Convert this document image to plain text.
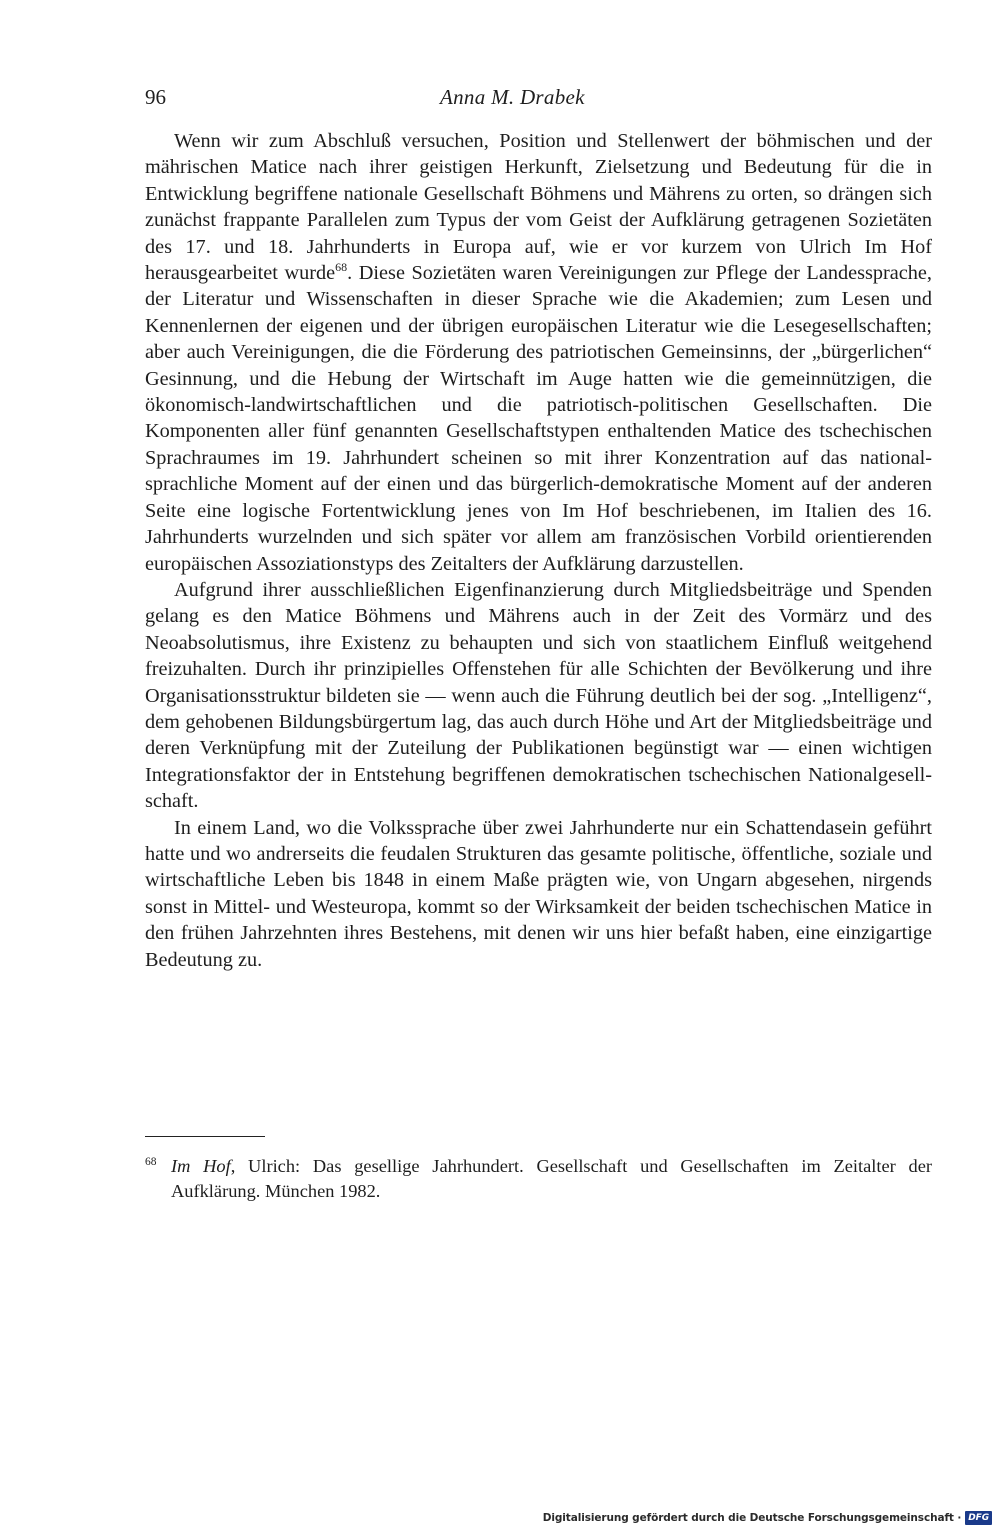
96	Anna M. Drabek

Wenn wir zum Abschluß versuchen, Position und Stellenwert der böhmischen und der mährischen Matice nach ihrer geistigen Herkunft, Zielsetzung und Bedeutung für die in Entwicklung begriffene nationale Gesellschaft Böhmens und Mährens zu orten, so drängen sich zunächst frappante Parallelen zum Typus der vom Geist der Aufklärung getragenen Sozietäten des 17. und 18. Jahrhunderts in Europa auf, wie er vor kurzem von Ulrich Im Hof herausgearbeitet wurde$^{68}$. Diese Sozietäten waren Vereinigungen zur Pflege der Landessprache, der Literatur und Wissenschaften in dieser Sprache wie die Akademien; zum Lesen und Kennenlernen der eigenen und der übrigen europäischen Literatur wie die Lesegesellschaften; aber auch Vereinigungen, die die Förderung des patriotischen Gemeinsinns, der „bürgerlichen“ Gesinnung, und die Hebung der Wirtschaft im Auge hatten wie die gemeinnützigen, die ökonomisch-landwirtschaftlichen und die patriotisch-politischen Gesellschaften. Die Komponenten aller fünf genannten Gesellschaftstypen enthaltenden Matice des tschechischen Sprachraumes im 19. Jahrhundert scheinen so mit ihrer Konzentration auf das national-sprachliche Moment auf der einen und das bürgerlich-demokratische Moment auf der anderen Seite eine logische Fortentwicklung jenes von Im Hof beschriebenen, im Italien des 16. Jahrhunderts wurzelnden und sich später vor allem am französischen Vorbild orientierenden europäischen Assoziationstyps des Zeitalters der Aufklärung darzustellen.

Aufgrund ihrer ausschließlichen Eigenfinanzierung durch Mitgliedsbeiträge und Spenden gelang es den Matice Böhmens und Mährens auch in der Zeit des Vormärz und des Neoabsolutismus, ihre Existenz zu behaupten und sich von staatlichem Einfluß weitgehend freizuhalten. Durch ihr prinzipielles Offenstehen für alle Schichten der Bevölkerung und ihre Organisationsstruktur bildeten sie — wenn auch die Führung deutlich bei der sog. „Intelligenz“, dem gehobenen Bildungsbürgertum lag, das auch durch Höhe und Art der Mitgliedsbeiträge und deren Verknüpfung mit der Zuteilung der Publikationen begünstigt war — einen wichtigen Integrationsfaktor der in Entstehung begriffenen demokratischen tschechischen Nationalgesellschaft.

In einem Land, wo die Volkssprache über zwei Jahrhunderte nur ein Schattendasein geführt hatte und wo andrerseits die feudalen Strukturen das gesamte politische, öffentliche, soziale und wirtschaftliche Leben bis 1848 in einem Maße prägten wie, von Ungarn abgesehen, nirgends sonst in Mittel- und Westeuropa, kommt so der Wirksamkeit der beiden tschechischen Matice in den frühen Jahrzehnten ihres Bestehens, mit denen wir uns hier befaßt haben, eine einzigartige Bedeutung zu.

68 Im Hof, Ulrich: Das gesellige Jahrhundert. Gesellschaft und Gesellschaften im Zeitalter der Aufklärung. München 1982.

Digitalisierung gefördert durch die Deutsche Forschungsgemeinschaft · DFG
